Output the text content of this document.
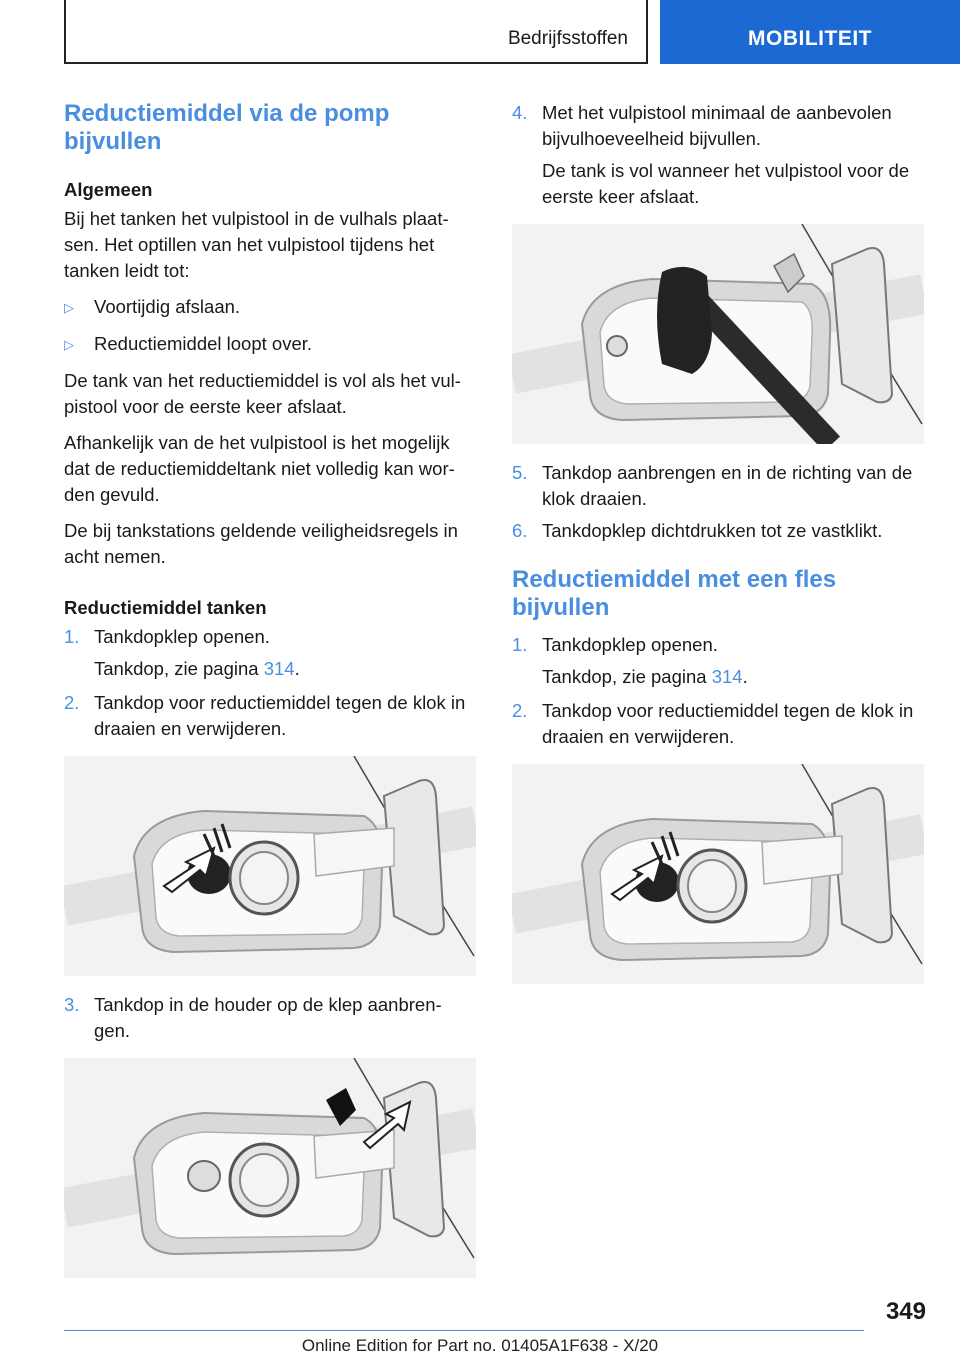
Bedrijfsstoffen	MOBILITEIT
Reductiemiddel via de pomp bijvullen
Algemeen

Bij het tanken het vulpistool in de vulhals plaat-sen. Het optillen van het vulpistool tijdens het tanken leidt tot:

▷	Voortijdig afslaan.
▷	Reductiemiddel loopt over.

De tank van het reductiemiddel is vol als het vul-pistool voor de eerste keer afslaat.

Afhankelijk van de het vulpistool is het mogelijk dat de reductiemiddeltank niet volledig kan wor-den gevuld.

De bij tankstations geldende veiligheidsregels in acht nemen.

Reductiemiddel tanken
1. Tankdopklep openen.
Tankdop, zie pagina 314.
2. Tankdop voor reductiemiddel tegen de klok in draaien en verwijderen.
3. Tankdop in de houder op de klep aanbren-gen.
4. Met het vulpistool minimaal de aanbevolen bijvulhoeveelheid bijvullen.
De tank is vol wanneer het vulpistool voor de eerste keer afslaat.
5. Tankdop aanbrengen en in de richting van de klok draaien.
6. Tankdopklep dichtdrukken tot ze vastklikt.
Reductiemiddel met een fles bijvullen
1. Tankdopklep openen.
Tankdop, zie pagina 314.
2. Tankdop voor reductiemiddel tegen de klok in draaien en verwijderen.
349
Online Edition for Part no. 01405A1F638 - X/20
